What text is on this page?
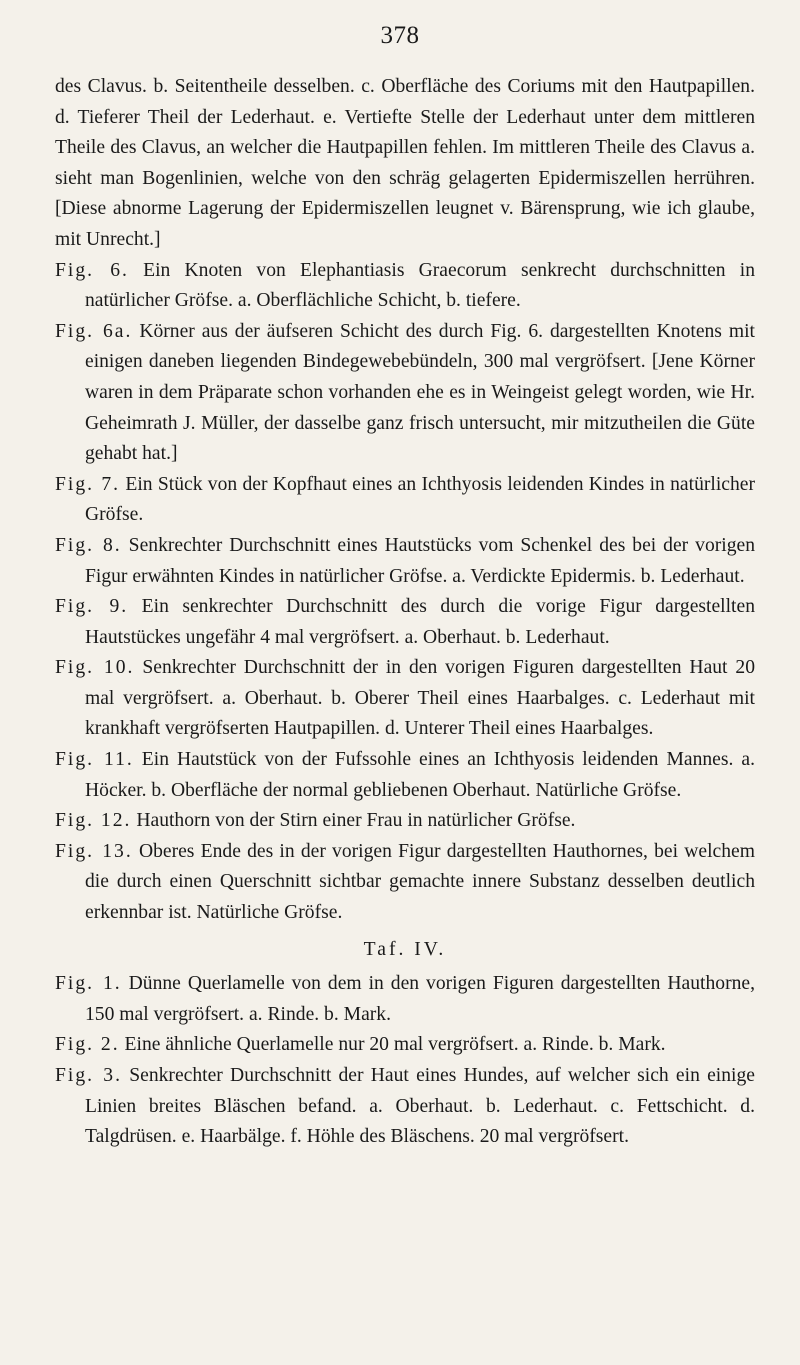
378

des Clavus. b. Seitentheile desselben. c. Oberfläche des Coriums mit den Hautpapillen. d. Tieferer Theil der Lederhaut. e. Vertiefte Stelle der Lederhaut unter dem mittleren Theile des Clavus, an welcher die Hautpapillen fehlen. Im mittleren Theile des Clavus a. sieht man Bogenlinien, welche von den schräg gelagerten Epidermiszellen herrühren. [Diese abnorme Lagerung der Epidermiszellen leugnet v. Bärensprung, wie ich glaube, mit Unrecht.]

Fig. 6. Ein Knoten von Elephantiasis Graecorum senkrecht durchschnitten in natürlicher Gröfse. a. Oberflächliche Schicht, b. tiefere.

Fig. 6a. Körner aus der äufseren Schicht des durch Fig. 6. dargestellten Knotens mit einigen daneben liegenden Bindegewebebündeln, 300 mal vergröfsert. [Jene Körner waren in dem Präparate schon vorhanden ehe es in Weingeist gelegt worden, wie Hr. Geheimrath J. Müller, der dasselbe ganz frisch untersucht, mir mitzutheilen die Güte gehabt hat.]

Fig. 7. Ein Stück von der Kopfhaut eines an Ichthyosis leidenden Kindes in natürlicher Gröfse.

Fig. 8. Senkrechter Durchschnitt eines Hautstücks vom Schenkel des bei der vorigen Figur erwähnten Kindes in natürlicher Gröfse. a. Verdickte Epidermis. b. Lederhaut.

Fig. 9. Ein senkrechter Durchschnitt des durch die vorige Figur dargestellten Hautstückes ungefähr 4 mal vergröfsert. a. Oberhaut. b. Lederhaut.

Fig. 10. Senkrechter Durchschnitt der in den vorigen Figuren dargestellten Haut 20 mal vergröfsert. a. Oberhaut. b. Oberer Theil eines Haarbalges. c. Lederhaut mit krankhaft vergröfserten Hautpapillen. d. Unterer Theil eines Haarbalges.

Fig. 11. Ein Hautstück von der Fufssohle eines an Ichthyosis leidenden Mannes. a. Höcker. b. Oberfläche der normal gebliebenen Oberhaut. Natürliche Gröfse.

Fig. 12. Hauthorn von der Stirn einer Frau in natürlicher Gröfse.

Fig. 13. Oberes Ende des in der vorigen Figur dargestellten Hauthornes, bei welchem die durch einen Querschnitt sichtbar gemachte innere Substanz desselben deutlich erkennbar ist. Natürliche Gröfse.

Taf. IV.

Fig. 1. Dünne Querlamelle von dem in den vorigen Figuren dargestellten Hauthorne, 150 mal vergröfsert. a. Rinde. b. Mark.

Fig. 2. Eine ähnliche Querlamelle nur 20 mal vergröfsert. a. Rinde. b. Mark.

Fig. 3. Senkrechter Durchschnitt der Haut eines Hundes, auf welcher sich ein einige Linien breites Bläschen befand. a. Oberhaut. b. Lederhaut. c. Fettschicht. d. Talgdrüsen. e. Haarbälge. f. Höhle des Bläschens. 20 mal vergröfsert.
